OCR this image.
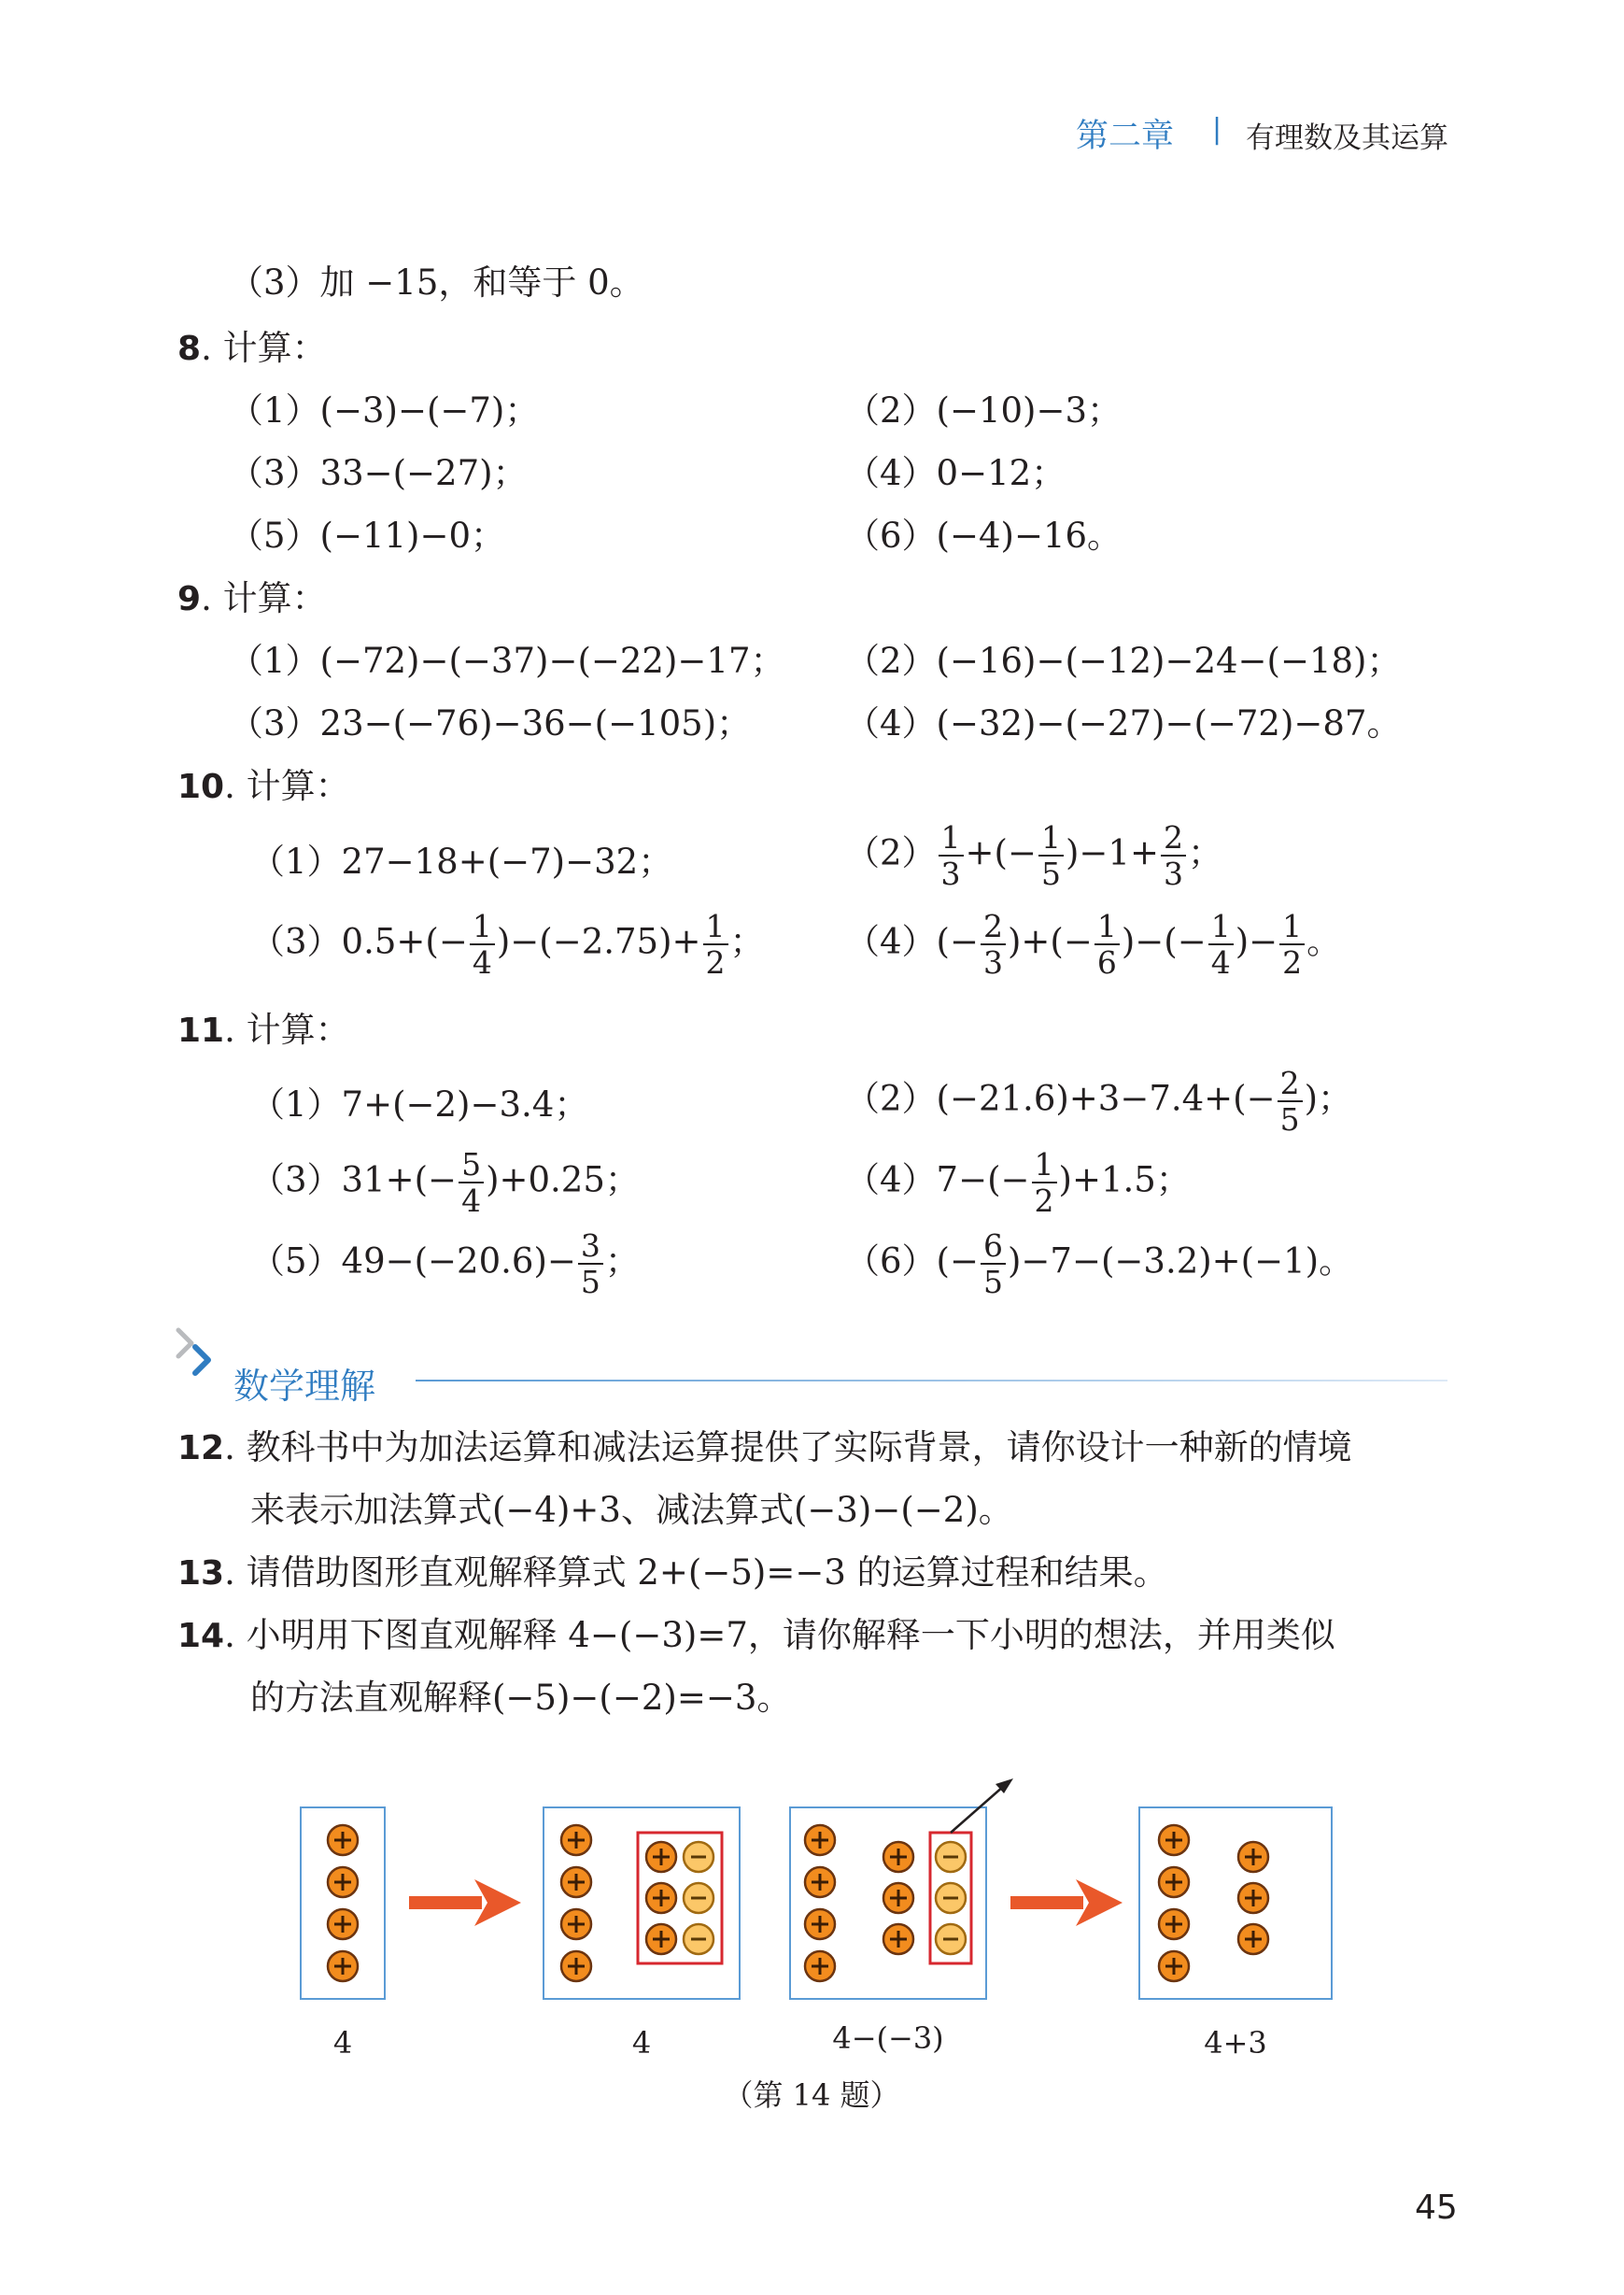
第二章 | 有理数及其运算
（3）加 −15，和等于 0。
8. 计算：
（1）(−3)−(−7)；	（2）(−10)−3；
（3）33−(−27)；	（4）0−12；
（5）(−11)−0；	（6）(−4)−16。
9. 计算：
（1）(−72)−(−37)−(−22)−17； （2）(−16)−(−12)−24−(−18)；
（3）23−(−76)−36−(−105)；	（4）(−32)−(−27)−(−72)−87。
10. 计算：
（1）27−18+(−7)−32；	$(2) \frac{1}{3}$ +(− $\frac{1}{5} )-1+ \frac{2}{3}$ ；
$(3)0.5+(- \frac{1}{4} )-(-2.75)+ \frac{1}{2}$ ； $(4)(- \frac{2}{3}$ )+(− $\frac{1}{6}$ )−(− $\frac{1}{4}$ )− $\frac{1}{2}$ 。
11. 计算：
（1）7+(−2)−3.4；	$(2)(-21.6)+3-7.4+(- \frac{2}{5}$ )；
$(3)31+(- \frac{5}{4} )+0.25$；	$(4)7-(- \frac{1}{2} )+1.5$；
$(5)49-(-20.6)- \frac{3}{5}$ ；	$(6)(- \frac{6}{5} )-7-(-3.2)+(-1)$。
数学理解
12. 教科书中为加法运算和减法运算提供了实际背景，请你设计一种新的情境
来表示加法算式(−4)+3、减法算式(−3)−(−2)。
13. 请借助图形直观解释算式 2+(−5)=−3 的运算过程和结果。
14. 小明用下图直观解释 4−(−3)=7，请你解释一下小明的想法，并用类似
的方法直观解释(−5)−(−2)=−3。
4	4	4−(−3)	4+3
（第 14 题）
45
